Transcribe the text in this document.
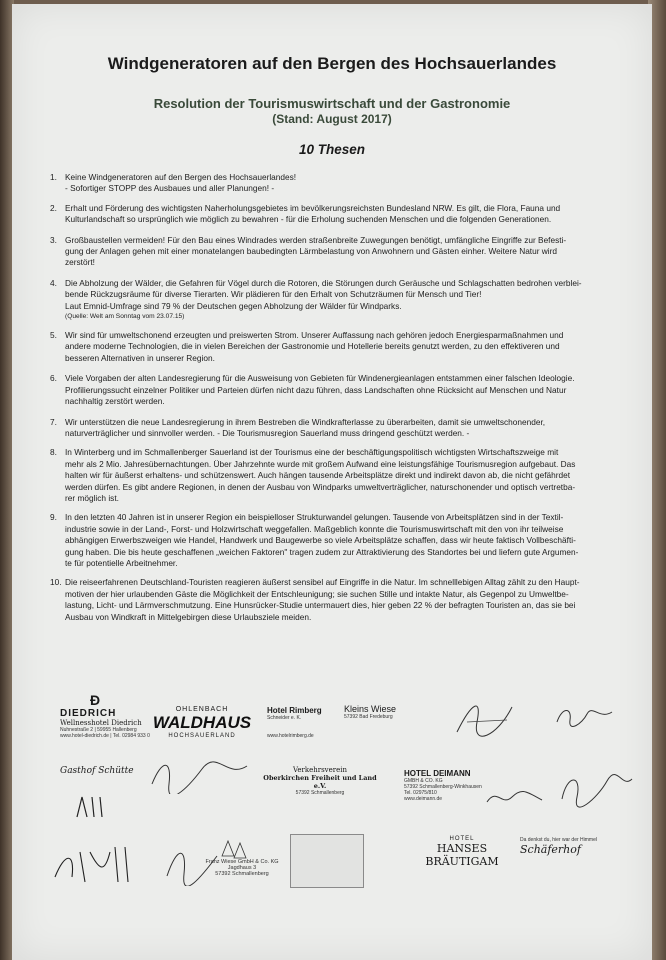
Windgeneratoren auf den Bergen des Hochsauerlandes
Resolution der Tourismuswirtschaft und der Gastronomie
(Stand: August 2017)
10 Thesen
1. Keine Windgeneratoren auf den Bergen des Hochsauerlandes!
- Sofortiger STOPP des Ausbaues und aller Planungen! -
2. Erhalt und Förderung des wichtigsten Naherholungsgebietes im bevölkerungsreichsten Bundesland NRW. Es gilt, die Flora, Fauna und
Kulturlandschaft so ursprünglich wie möglich zu bewahren - für die Erholung suchenden Menschen und die folgenden Generationen.
3. Großbaustellen vermeiden! Für den Bau eines Windrades werden straßenbreite Zuwegungen benötigt, umfängliche Eingriffe zur Befesti-
gung der Anlagen gehen mit einer monatelangen baubedingten Lärmbelastung von Anwohnern und Gästen einher. Weitere Natur wird
zerstört!
4. Die Abholzung der Wälder, die Gefahren für Vögel durch die Rotoren, die Störungen durch Geräusche und Schlagschatten bedrohen verblei-
bende Rückzugsräume für diverse Tierarten. Wir plädieren für den Erhalt von Schutzräumen für Mensch und Tier!
Laut Emnid-Umfrage sind 79 % der Deutschen gegen Abholzung der Wälder für Windparks.
(Quelle: Welt am Sonntag vom 23.07.15)
5. Wir sind für umweltschonend erzeugten und preiswerten Strom. Unserer Auffassung nach gehören jedoch Energiesparmaßnahmen und
andere moderne Technologien, die in vielen Bereichen der Gastronomie und Hotellerie bereits genutzt werden, zu den effektiveren und
besseren Alternativen in unserer Region.
6. Viele Vorgaben der alten Landesregierung für die Ausweisung von Gebieten für Windenergieanlagen entstammen einer falschen Ideologie.
Profilierungssucht einzelner Politiker und Parteien dürfen nicht dazu führen, dass Landschaften ohne Rücksicht auf Menschen und Natur
nachhaltig zerstört werden.
7. Wir unterstützen die neue Landesregierung in ihrem Bestreben die Windkrafterlasse zu überarbeiten, damit sie umweltschonender,
naturverträglicher und sinnvoller werden. - Die Tourismusregion Sauerland muss dringend geschützt werden. -
8. In Winterberg und im Schmallenberger Sauerland ist der Tourismus eine der beschäftigungspolitisch wichtigsten Wirtschaftszweige mit
mehr als 2 Mio. Jahresübernachtungen. Über Jahrzehnte wurde mit großem Aufwand eine leistungsfähige Tourismusregion aufgebaut. Das
halten wir für äußerst erhaltens- und schützenswert. Auch hängen tausende Arbeitsplätze direkt und indirekt davon ab, die nicht gefährdet
werden dürfen. Es gibt andere Regionen, in denen der Ausbau von Windparks umweltverträglicher, naturschonender und optisch vertretba-
rer möglich ist.
9. In den letzten 40 Jahren ist in unserer Region ein beispielloser Strukturwandel gelungen. Tausende von Arbeitsplätzen sind in der Textil-
industrie sowie in der Land-, Forst- und Holzwirtschaft weggefallen. Maßgeblich konnte die Tourismuswirtschaft mit den von ihr teilweise
abhängigen Erwerbszweigen wie Handel, Handwerk und Baugewerbe so viele Arbeitsplätze schaffen, dass wir heute faktisch Vollbeschäfti-
gung haben. Die bis heute geschaffenen „weichen Faktoren" tragen zudem zur Attraktivierung des Standortes bei und liefern gute Argumen-
te für potentielle Arbeitnehmer.
10. Die reiseerfahrenen Deutschland-Touristen reagieren äußerst sensibel auf Eingriffe in die Natur. Im schnelllebigen Alltag zählt zu den Haupt-
motiven der hier urlaubenden Gäste die Möglichkeit der Entschleunigung; sie suchen Stille und intakte Natur, als Gegenpol zu Umweltbe-
lastung, Licht- und Lärmverschmutzung. Eine Hunsrücker-Studie untermauert dies, hier geben 22 % der befragten Touristen an, das sie bei
Ausbau von Windkraft in Mittelgebirgen diese Urlaubsziele meiden.
Ð
DIEDRICH
Wellnesshotel Diedrich
Nuhnestraße 2 | 59955 Hallenberg
www.hotel-diedrich.de | Tel. 02984 933 0
OHLENBACH
WALDHAUS
HOCHSAUERLAND
Hotel Rimberg
Schneider e. K.
www.hotelrimberg.de
Kleins Wiese
57392 Bad Fredeburg
Gasthof Schütte	Verkehrsverein
Oberkirchen Freiheit und Land e.V.
57392 Schmallenberg
HOTEL DEIMANN
GMBH & CO. KG
57392 Schmallenberg-Winkhausen
Tel. 02975/810
www.deimann.de
Franz Wiese GmbH & Co. KG
Jagdhaus 3
57392 Schmallenberg
HOTEL
HANSES
BRÄUTIGAM
Da denkst du, hier war der Himmel
Schäferhof
